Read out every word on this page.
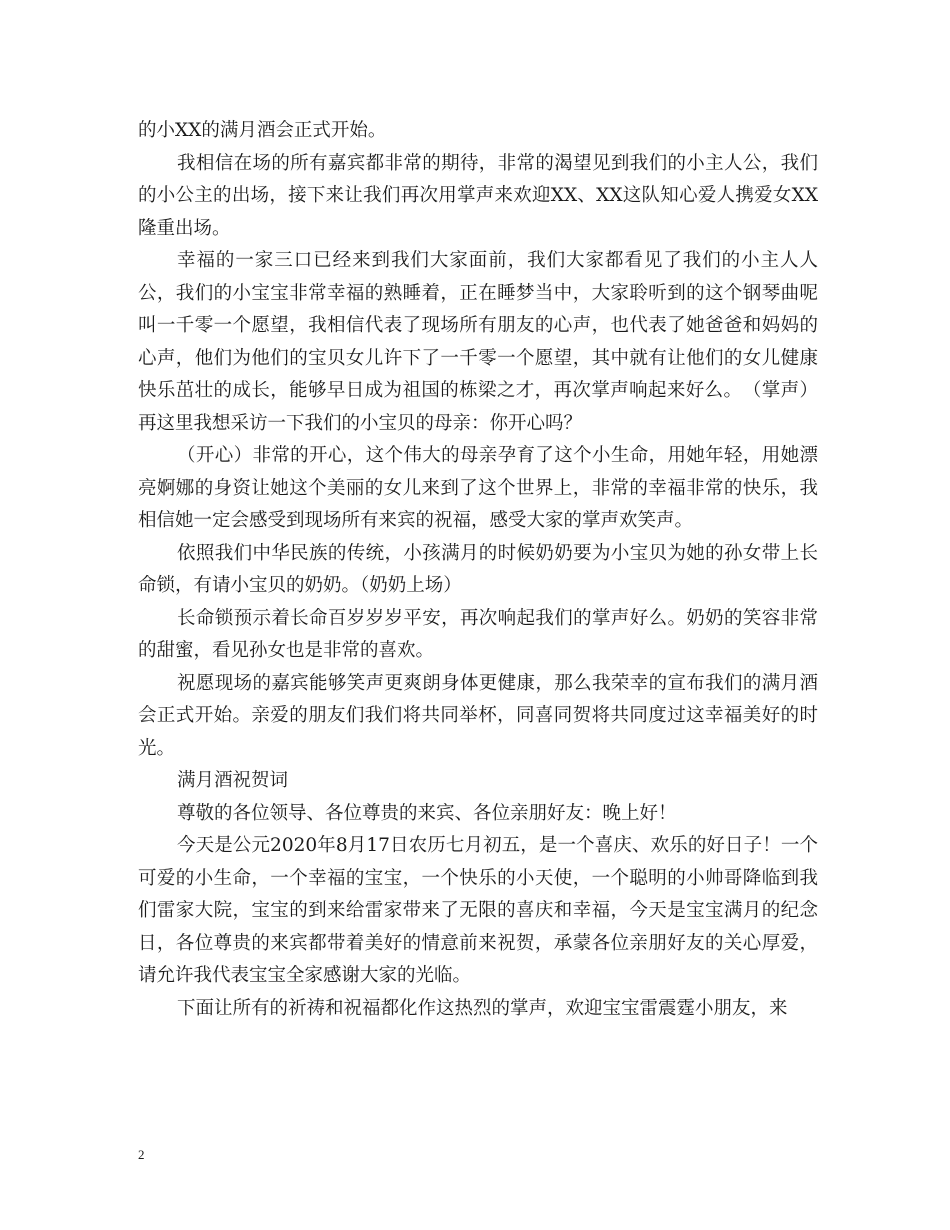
的小XX的满月酒会正式开始。

我相信在场的所有嘉宾都非常的期待，非常的渴望见到我们的小主人公，我们的小公主的出场，接下来让我们再次用掌声来欢迎XX、XX这队知心爱人携爱女XX隆重出场。

幸福的一家三口已经来到我们大家面前，我们大家都看见了我们的小主人人公，我们的小宝宝非常幸福的熟睡着，正在睡梦当中，大家聆听到的这个钢琴曲呢叫一千零一个愿望，我相信代表了现场所有朋友的心声，也代表了她爸爸和妈妈的心声，他们为他们的宝贝女儿许下了一千零一个愿望，其中就有让他们的女儿健康快乐茁壮的成长，能够早日成为祖国的栋梁之才，再次掌声响起来好么。　（掌声）再这里我想采访一下我们的小宝贝的母亲：你开心吗？

（开心）非常的开心，这个伟大的母亲孕育了这个小生命，用她年轻，用她漂亮婀娜的身资让她这个美丽的女儿来到了这个世界上，非常的幸福非常的快乐，我相信她一定会感受到现场所有来宾的祝福，感受大家的掌声欢笑声。

依照我们中华民族的传统，小孩满月的时候奶奶要为小宝贝为她的孙女带上长命锁，有请小宝贝的奶奶。（奶奶上场）

长命锁预示着长命百岁岁岁平安，再次响起我们的掌声好么。奶奶的笑容非常的甜蜜，看见孙女也是非常的喜欢。

祝愿现场的嘉宾能够笑声更爽朗身体更健康，那么我荣幸的宣布我们的满月酒会正式开始。亲爱的朋友们我们将共同举杯，同喜同贺将共同度过这幸福美好的时光。

满月酒祝贺词

尊敬的各位领导、各位尊贵的来宾、各位亲朋好友：晚上好！

今天是公元2020年8月17日农历七月初五，是一个喜庆、欢乐的好日子！一个可爱的小生命，一个幸福的宝宝，一个快乐的小天使，一个聪明的小帅哥降临到我们雷家大院，宝宝的到来给雷家带来了无限的喜庆和幸福，今天是宝宝满月的纪念日，各位尊贵的来宾都带着美好的情意前来祝贺，承蒙各位亲朋好友的关心厚爱，请允许我代表宝宝全家感谢大家的光临。

下面让所有的祈祷和祝福都化作这热烈的掌声，欢迎宝宝雷震霆小朋友，来

2
